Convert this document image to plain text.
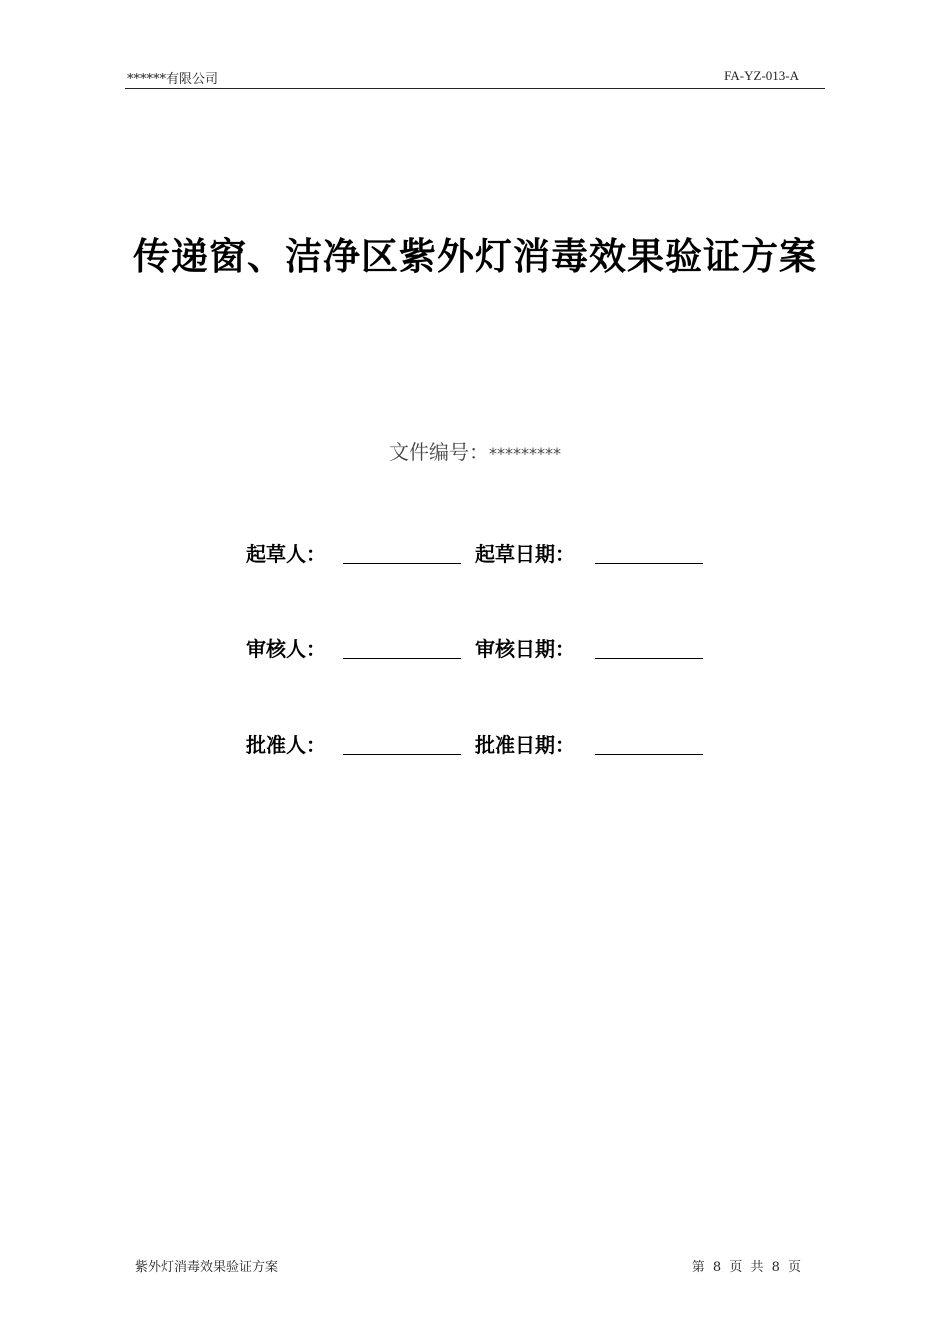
******有限公司	FA-YZ-013-A
传递窗、洁净区紫外灯消毒效果验证方案
文件编号：*********
起草人：	起草日期：
审核人：	审核日期：
批准人：	批准日期：
紫外灯消毒效果验证方案	第 8 页 共 8 页
